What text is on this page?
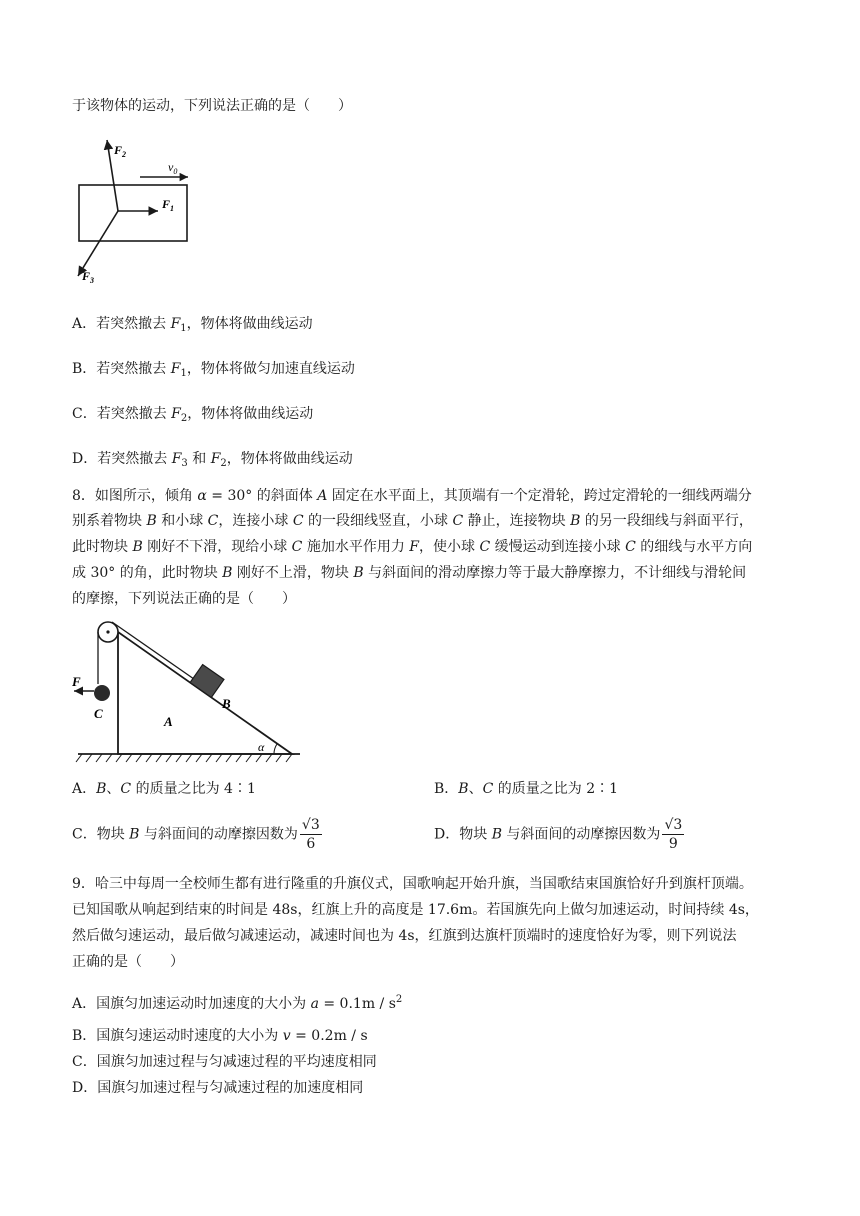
于该物体的运动，下列说法正确的是（　　）
$F_2$
$v_0$
$F_1$
$F_3$
A．若突然撤去 $F_1$，物体将做曲线运动
B．若突然撤去 $F_1$，物体将做匀加速直线运动
C．若突然撤去 $F_2$，物体将做曲线运动
D．若突然撤去 $F_3$ 和 $F_2$，物体将做曲线运动
8．如图所示，倾角 α = 30° 的斜面体 A 固定在水平面上，其顶端有一个定滑轮，跨过定滑轮的一细线两端分
别系着物块 B 和小球 C，连接小球 C 的一段细线竖直，小球 C 静止，连接物块 B 的另一段细线与斜面平行，
此时物块 B 刚好不下滑，现给小球 C 施加水平作用力 F，使小球 C 缓慢运动到连接小球 C 的细线与水平方向
成 30° 的角，此时物块 B 刚好不上滑，物块 B 与斜面间的滑动摩擦力等于最大静摩擦力，不计细线与滑轮间
的摩擦，下列说法正确的是（　　）
F
C
A
B
α
A．B、C 的质量之比为 4∶1	B．B、C 的质量之比为 2∶1
C．物块 B 与斜面间的动摩擦因数为 $\frac{√3}{6}$	D．物块 B 与斜面间的动摩擦因数为 $\frac{√3}{9}$
9．哈三中每周一全校师生都有进行隆重的升旗仪式，国歌响起开始升旗，当国歌结束国旗恰好升到旗杆顶端。
已知国歌从响起到结束的时间是 48s，红旗上升的高度是 17.6m。若国旗先向上做匀加速运动，时间持续 4s，
然后做匀速运动，最后做匀减速运动，减速时间也为 4s，红旗到达旗杆顶端时的速度恰好为零，则下列说法
正确的是（　　）
A．国旗匀加速运动时加速度的大小为 $a = 0.1m / s^2$
B．国旗匀速运动时速度的大小为 v = 0.2m / s
C．国旗匀加速过程与匀减速过程的平均速度相同
D．国旗匀加速过程与匀减速过程的加速度相同
